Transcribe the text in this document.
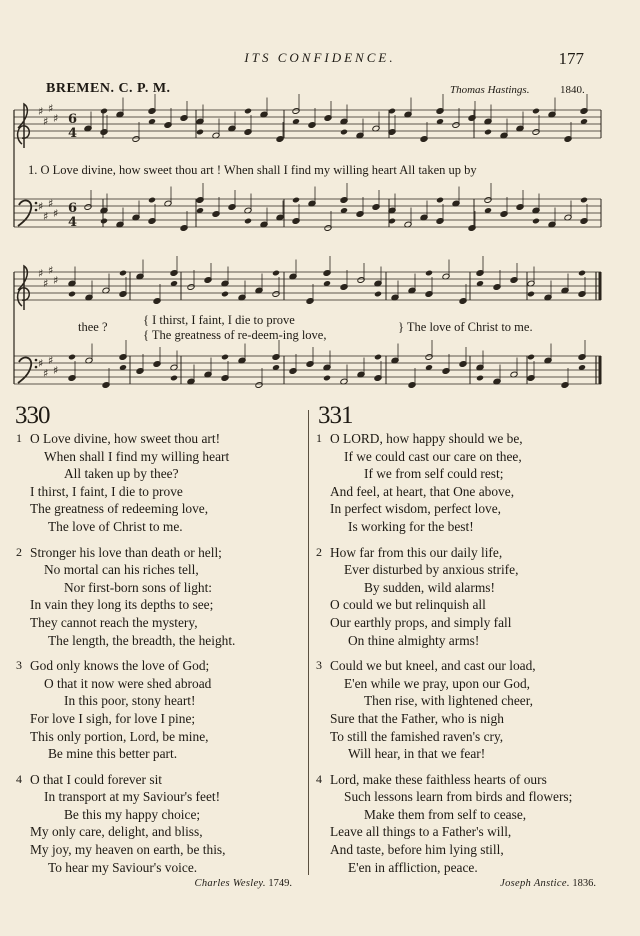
ITS CONFIDENCE.	177
BREMEN. C. P. M.	Thomas Hastings.	1840.
♯
♯
♯
♯
♯
♯
♯
♯
6
4
6
4
♯
♯
♯
♯
♯
♯
♯
♯
1. O Love divine, how sweet thou art ! When shall I find my willing heart All taken up by
thee ?	{ I thirst, I faint, I die to prove
{ The greatness of re-deem-ing love,
} The love of Christ to me.
330	331
1 O Love divine, how sweet thou art!
When shall I find my willing heart
All taken up by thee?
I thirst, I faint, I die to prove
The greatness of redeeming love,
The love of Christ to me.
2 Stronger his love than death or hell;
No mortal can his riches tell,
Nor first-born sons of light:
In vain they long its depths to see;
They cannot reach the mystery,
The length, the breadth, the height.
3 God only knows the love of God;
O that it now were shed abroad
In this poor, stony heart!
For love I sigh, for love I pine;
This only portion, Lord, be mine,
Be mine this better part.
4 O that I could forever sit
In transport at my Saviour's feet!
Be this my happy choice;
My only care, delight, and bliss,
My joy, my heaven on earth, be this,
To hear my Saviour's voice.
Charles Wesley. 1749.
1 O LORD, how happy should we be,
If we could cast our care on thee,
If we from self could rest;
And feel, at heart, that One above,
In perfect wisdom, perfect love,
Is working for the best!
2 How far from this our daily life,
Ever disturbed by anxious strife,
By sudden, wild alarms!
O could we but relinquish all
Our earthly props, and simply fall
On thine almighty arms!
3 Could we but kneel, and cast our load,
E'en while we pray, upon our God,
Then rise, with lightened cheer,
Sure that the Father, who is nigh
To still the famished raven's cry,
Will hear, in that we fear!
4 Lord, make these faithless hearts of ours
Such lessons learn from birds and flowers;
Make them from self to cease,
Leave all things to a Father's will,
And taste, before him lying still,
E'en in affliction, peace.
Joseph Anstice. 1836.
